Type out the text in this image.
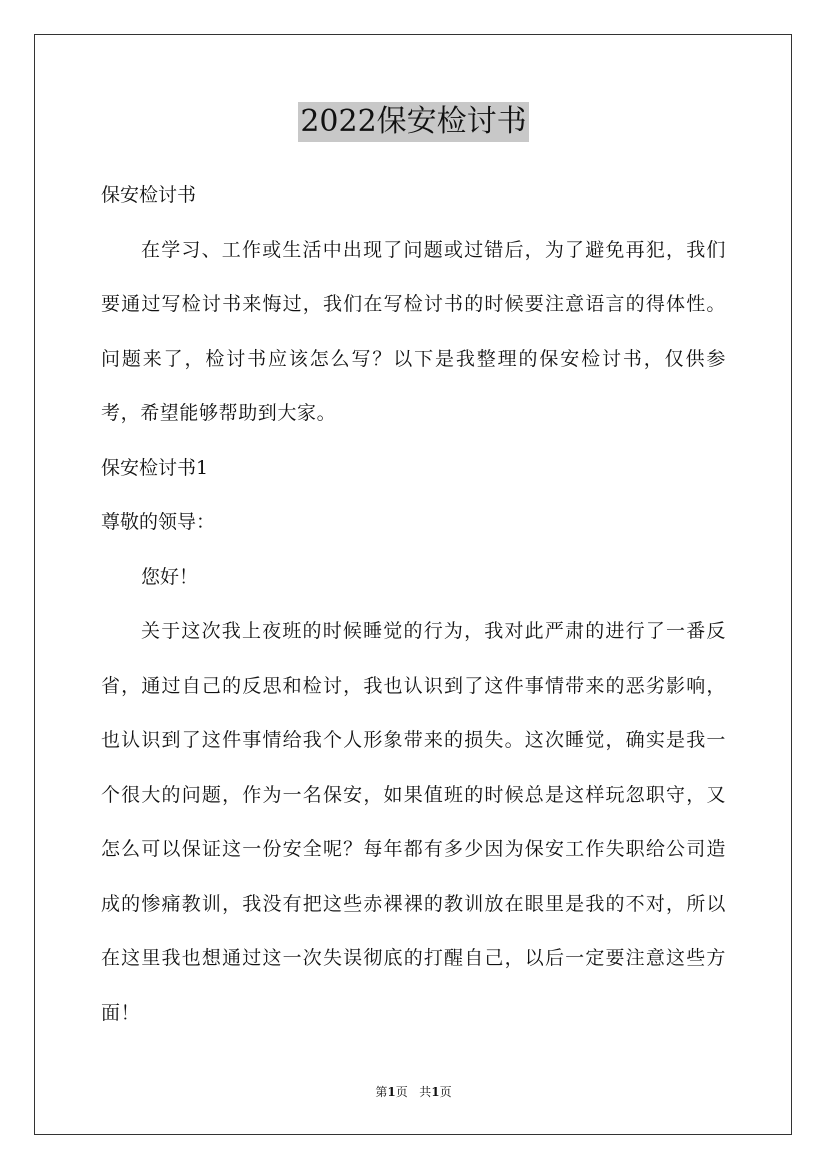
2022保安检讨书

保安检讨书

在学习、工作或生活中出现了问题或过错后，为了避免再犯，我们要通过写检讨书来悔过，我们在写检讨书的时候要注意语言的得体性。问题来了，检讨书应该怎么写？以下是我整理的保安检讨书，仅供参考，希望能够帮助到大家。

保安检讨书1

尊敬的领导：

您好！

关于这次我上夜班的时候睡觉的行为，我对此严肃的进行了一番反省，通过自己的反思和检讨，我也认识到了这件事情带来的恶劣影响，也认识到了这件事情给我个人形象带来的损失。这次睡觉，确实是我一个很大的问题，作为一名保安，如果值班的时候总是这样玩忽职守，又怎么可以保证这一份安全呢？每年都有多少因为保安工作失职给公司造成的惨痛教训，我没有把这些赤裸裸的教训放在眼里是我的不对，所以在这里我也想通过这一次失误彻底的打醒自己，以后一定要注意这些方面！

第1页 共1页
